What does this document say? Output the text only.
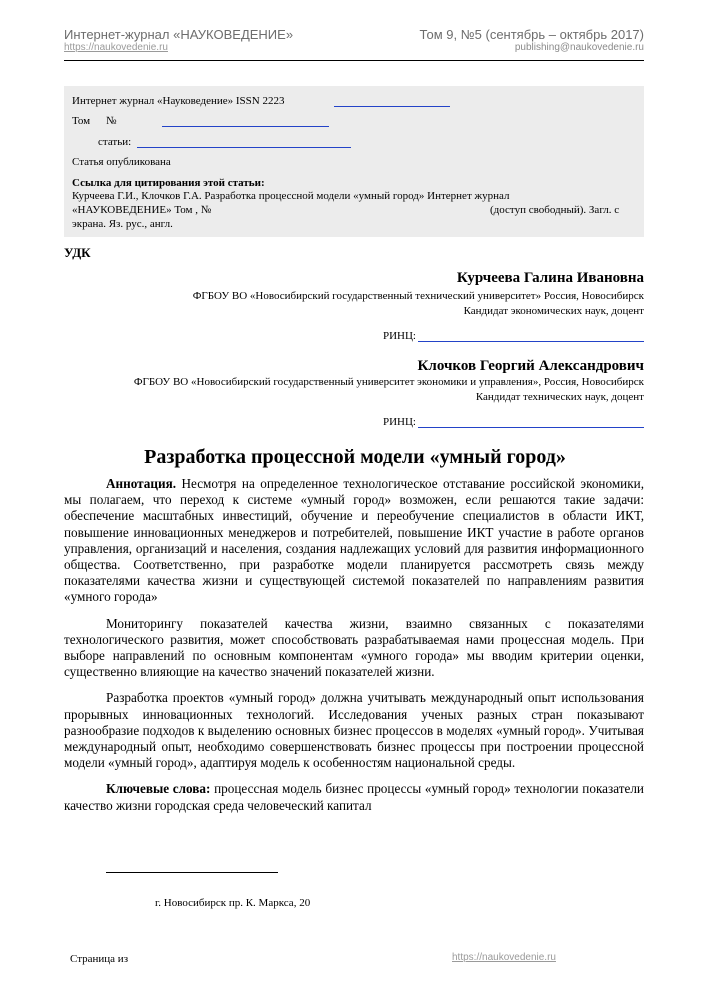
Интернет-журнал «НАУКОВЕДЕНИЕ»	Том 9, №5 (сентябрь – октябрь 2017)
https://naukovedenie.ru	publishing@naukovedenie.ru
Интернет журнал «Науковедение» ISSN 2223
Том №
статьи:
Статья опубликована
Ссылка для цитирования этой статьи:
Курчеева Г.И., Клочков Г.А. Разработка процессной модели «умный город» Интернет журнал
«НАУКОВЕДЕНИЕ» Том , №	(доступ свободный). Загл. с
экрана. Яз. рус., англ.
УДК
Курчеева Галина Ивановна
ФГБОУ ВО «Новосибирский государственный технический университет» Россия, Новосибирск
Кандидат экономических наук, доцент
РИНЦ:
Клочков Георгий Александрович
ФГБОУ ВО «Новосибирский государственный университет экономики и управления», Россия, Новосибирск
Кандидат технических наук, доцент
РИНЦ:
Разработка процессной модели «умный город»

Аннотация. Несмотря на определенное технологическое отставание российской экономики, мы полагаем, что переход к системе «умный город» возможен, если решаются такие задачи: обеспечение масштабных инвестиций, обучение и переобучение специалистов в области ИКТ, повышение инновационных менеджеров и потребителей, повышение ИКТ участие в работе органов управления, организаций и населения, создания надлежащих условий для развития информационного общества. Соответственно, при разработке модели планируется рассмотреть связь между показателями качества жизни и существующей системой показателей по направлениям развития «умного города»

Мониторингу показателей качества жизни, взаимно связанных с показателями технологического развития, может способствовать разрабатываемая нами процессная модель. При выборе направлений по основным компонентам «умного города» мы вводим критерии оценки, существенно влияющие на качество значений показателей жизни.

Разработка проектов «умный город» должна учитывать международный опыт использования прорывных инновационных технологий. Исследования ученых разных стран показывают разнообразие подходов к выделению основных бизнес процессов в моделях «умный город». Учитывая международный опыт, необходимо совершенствовать бизнес процессы при построении процессной модели «умный город», адаптируя модель к особенностям национальной среды.

Ключевые слова: процессная модель бизнес процессы «умный город» технологии показатели качество жизни городская среда человеческий капитал

г. Новосибирск пр. К. Маркса, 20
Страница из	https://naukovedenie.ru
